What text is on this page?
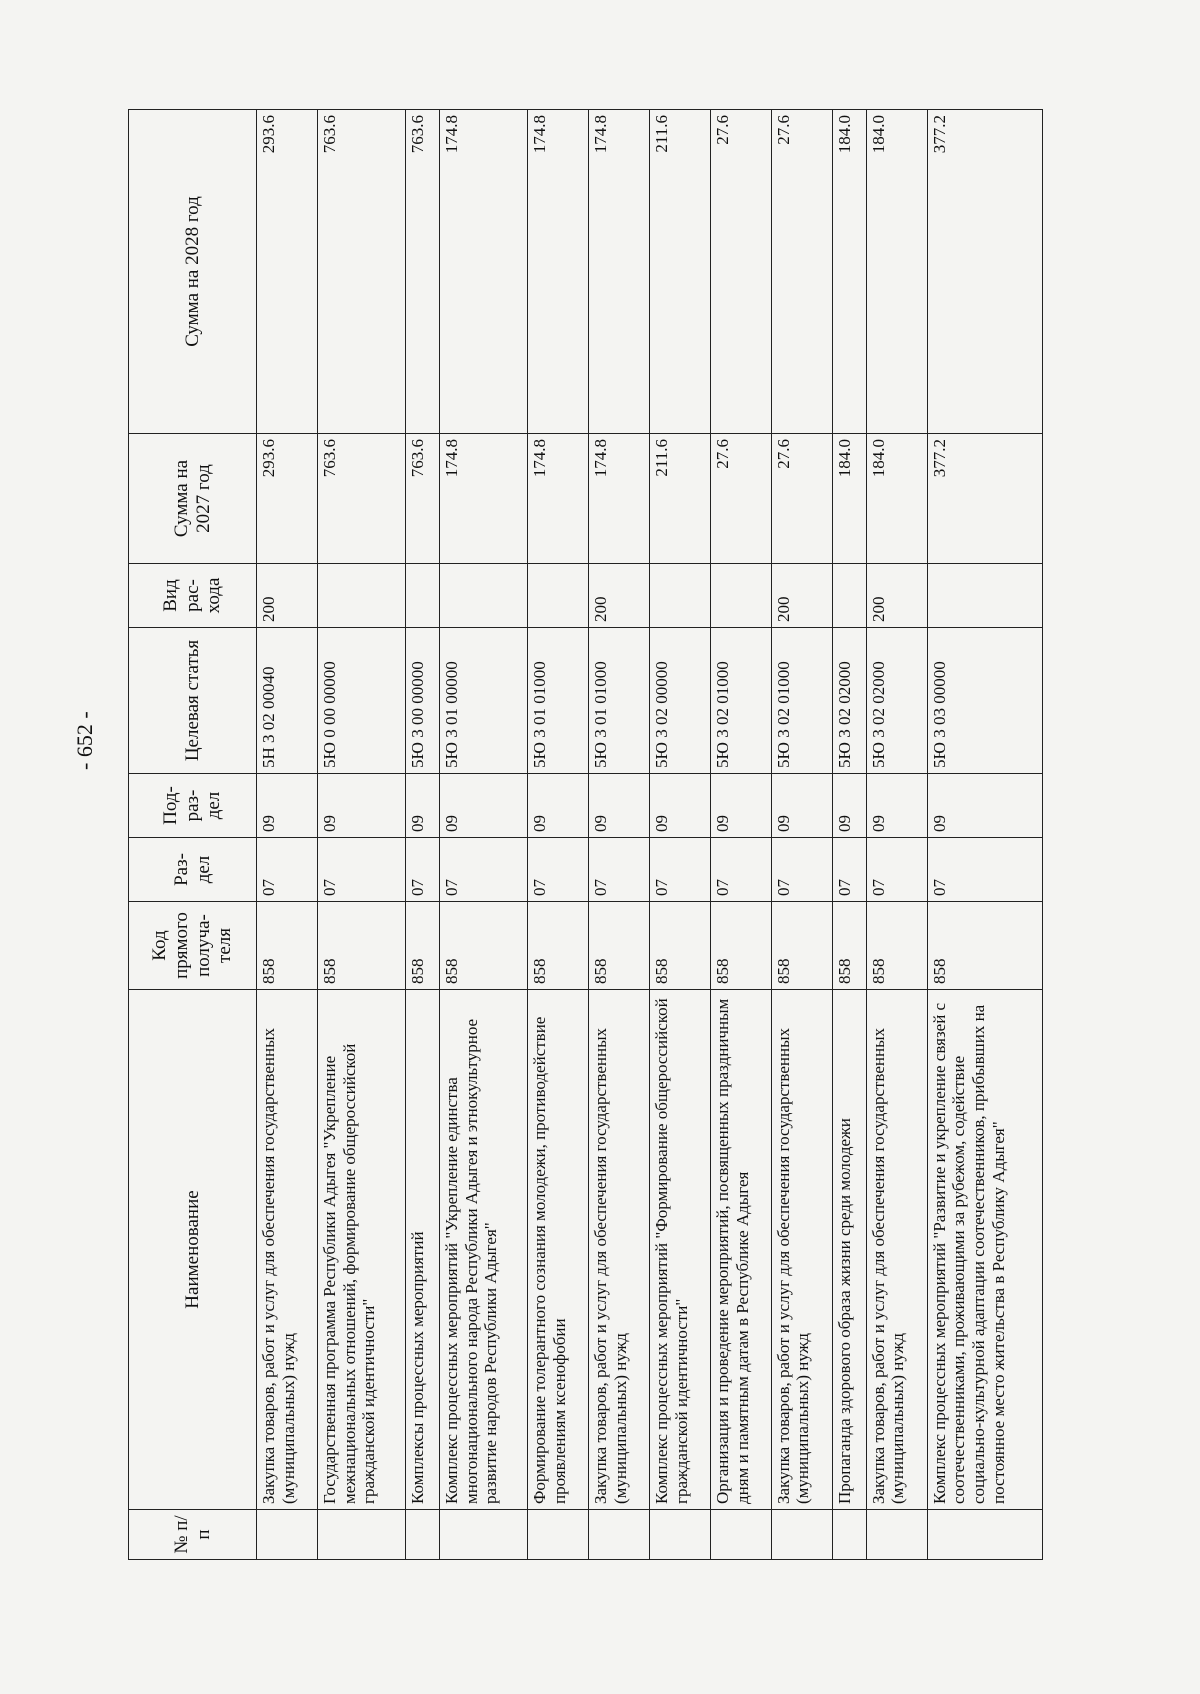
- 652 -
№ п/п	Наименование	Код прямого получа-теля	Раз-дел	Под-раз-дел	Целевая статья	Вид рас-хода	Сумма на 2027 год	Сумма на 2028 год
	Закупка товаров, работ и услуг для обеспечения государственных (муниципальных) нужд	858	07	09	5Н 3 02 00040	200	293.6	293.6
	Государственная программа Республики Адыгея "Укрепление межнациональных отношений, формирование общероссийской гражданской идентичности"	858	07	09	5Ю 0 00 00000		763.6	763.6
	Комплексы процессных мероприятий	858	07	09	5Ю 3 00 00000		763.6	763.6
	Комплекс процессных мероприятий "Укрепление единства многонационального народа Республики Адыгея и этнокультурное развитие народов Республики Адыгея"	858	07	09	5Ю 3 01 00000		174.8	174.8
	Формирование толерантного сознания молодежи, противодействие проявлениям ксенофобии	858	07	09	5Ю 3 01 01000		174.8	174.8
	Закупка товаров, работ и услуг для обеспечения государственных (муниципальных) нужд	858	07	09	5Ю 3 01 01000	200	174.8	174.8
	Комплекс процессных мероприятий "Формирование общероссийской гражданской идентичности"	858	07	09	5Ю 3 02 00000		211.6	211.6
	Организация и проведение мероприятий, посвященных праздничным дням и памятным датам в Республике Адыгея	858	07	09	5Ю 3 02 01000		27.6	27.6
	Закупка товаров, работ и услуг для обеспечения государственных (муниципальных) нужд	858	07	09	5Ю 3 02 01000	200	27.6	27.6
	Пропаганда здорового образа жизни среди молодежи	858	07	09	5Ю 3 02 02000		184.0	184.0
	Закупка товаров, работ и услуг для обеспечения государственных (муниципальных) нужд	858	07	09	5Ю 3 02 02000	200	184.0	184.0
	Комплекс процессных мероприятий "Развитие и укрепление связей с соотечественниками, проживающими за рубежом, содействие социально-культурной адаптации соотечественников, прибывших на постоянное место жительства в Республику Адыгея"	858	07	09	5Ю 3 03 00000		377.2	377.2
